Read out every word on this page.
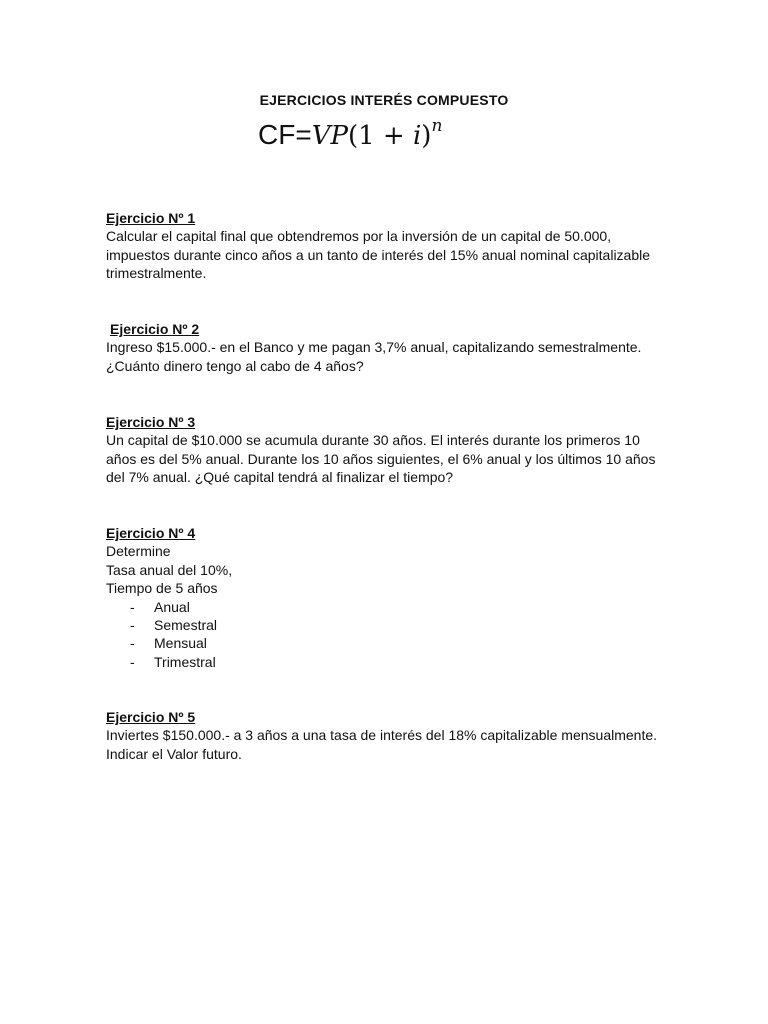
EJERCICIOS INTERÉS COMPUESTO
$CF=VP(1 + i)^n$
Ejercicio Nº 1
Calcular el capital final que obtendremos por la inversión de un capital de 50.000,
impuestos durante cinco años a un tanto de interés del 15% anual nominal capitalizable
trimestralmente.
Ejercicio Nº 2
Ingreso $15.000.- en el Banco y me pagan 3,7% anual, capitalizando semestralmente.
¿Cuánto dinero tengo al cabo de 4 años?
Ejercicio Nº 3
Un capital de $10.000 se acumula durante 30 años. El interés durante los primeros 10
años es del 5% anual. Durante los 10 años siguientes, el 6% anual y los últimos 10 años
del 7% anual. ¿Qué capital tendrá al finalizar el tiempo?
Ejercicio Nº 4
Determine
Tasa anual del 10%,
Tiempo de 5 años
- Anual
- Semestral
- Mensual
- Trimestral
Ejercicio Nº 5
Inviertes $150.000.- a 3 años a una tasa de interés del 18% capitalizable mensualmente.
Indicar el Valor futuro.
